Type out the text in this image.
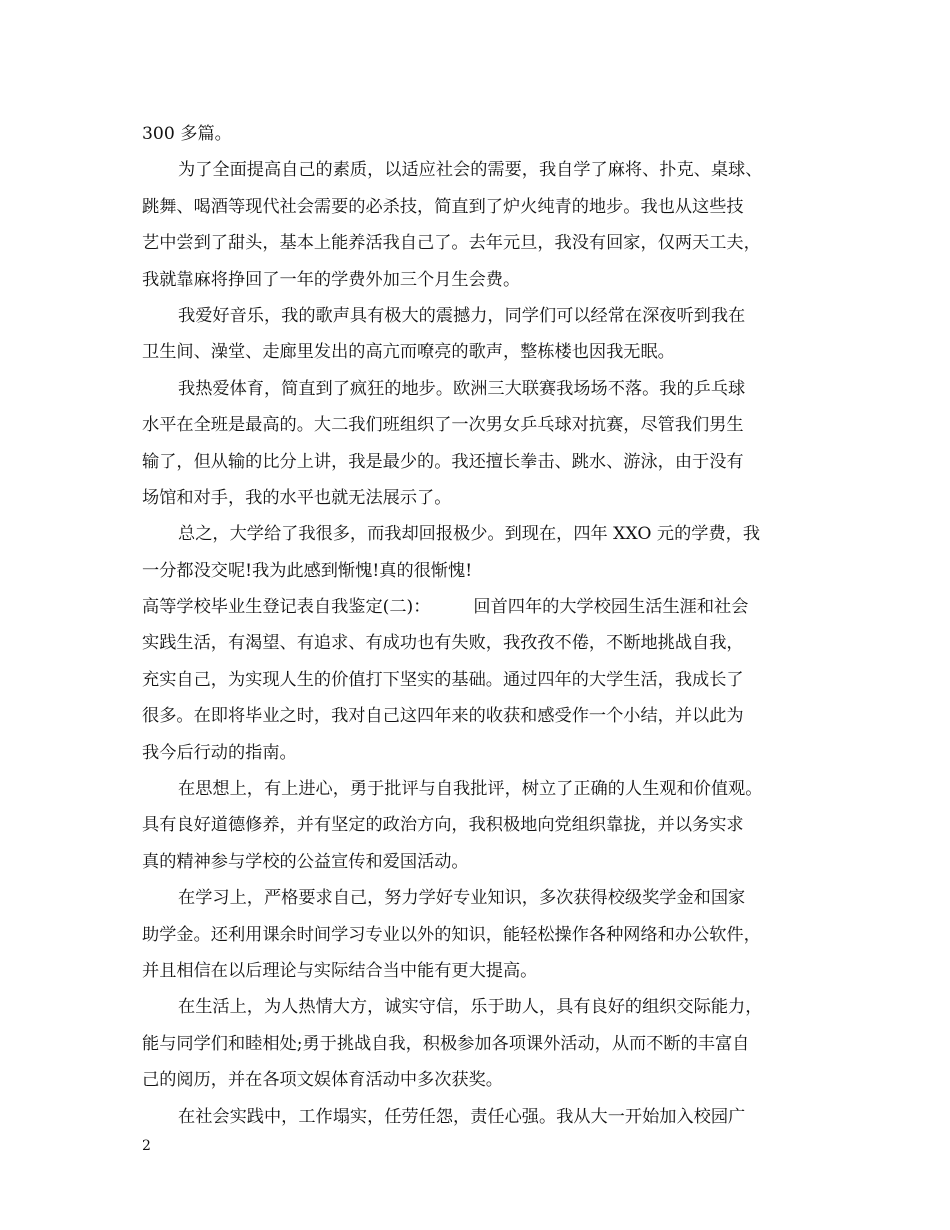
300 多篇。
为了全面提高自己的素质，以适应社会的需要，我自学了麻将、扑克、桌球、
跳舞、喝酒等现代社会需要的必杀技，简直到了炉火纯青的地步。我也从这些技
艺中尝到了甜头，基本上能养活我自己了。去年元旦，我没有回家，仅两天工夫，
我就靠麻将挣回了一年的学费外加三个月生会费。
我爱好音乐，我的歌声具有极大的震撼力，同学们可以经常在深夜听到我在
卫生间、澡堂、走廊里发出的高亢而嘹亮的歌声，整栋楼也因我无眠。
我热爱体育，简直到了疯狂的地步。欧洲三大联赛我场场不落。我的乒乓球
水平在全班是最高的。大二我们班组织了一次男女乒乓球对抗赛，尽管我们男生
输了，但从输的比分上讲，我是最少的。我还擅长拳击、跳水、游泳，由于没有
场馆和对手，我的水平也就无法展示了。
总之，大学给了我很多，而我却回报极少。到现在，四年 XXO 元的学费，我
一分都没交呢!我为此感到惭愧!真的很惭愧!
高等学校毕业生登记表自我鉴定(二)：　　　回首四年的大学校园生活生涯和社会
实践生活，有渴望、有追求、有成功也有失败，我孜孜不倦，不断地挑战自我，
充实自己，为实现人生的价值打下坚实的基础。通过四年的大学生活，我成长了
很多。在即将毕业之时，我对自己这四年来的收获和感受作一个小结，并以此为
我今后行动的指南。
在思想上，有上进心，勇于批评与自我批评，树立了正确的人生观和价值观。
具有良好道德修养，并有坚定的政治方向，我积极地向党组织靠拢，并以务实求
真的精神参与学校的公益宣传和爱国活动。
在学习上，严格要求自己，努力学好专业知识，多次获得校级奖学金和国家
助学金。还利用课余时间学习专业以外的知识，能轻松操作各种网络和办公软件，
并且相信在以后理论与实际结合当中能有更大提高。
在生活上，为人热情大方，诚实守信，乐于助人，具有良好的组织交际能力，
能与同学们和睦相处;勇于挑战自我，积极参加各项课外活动，从而不断的丰富自
己的阅历，并在各项文娱体育活动中多次获奖。
在社会实践中，工作塌实，任劳任怨，责任心强。我从大一开始加入校园广
2
